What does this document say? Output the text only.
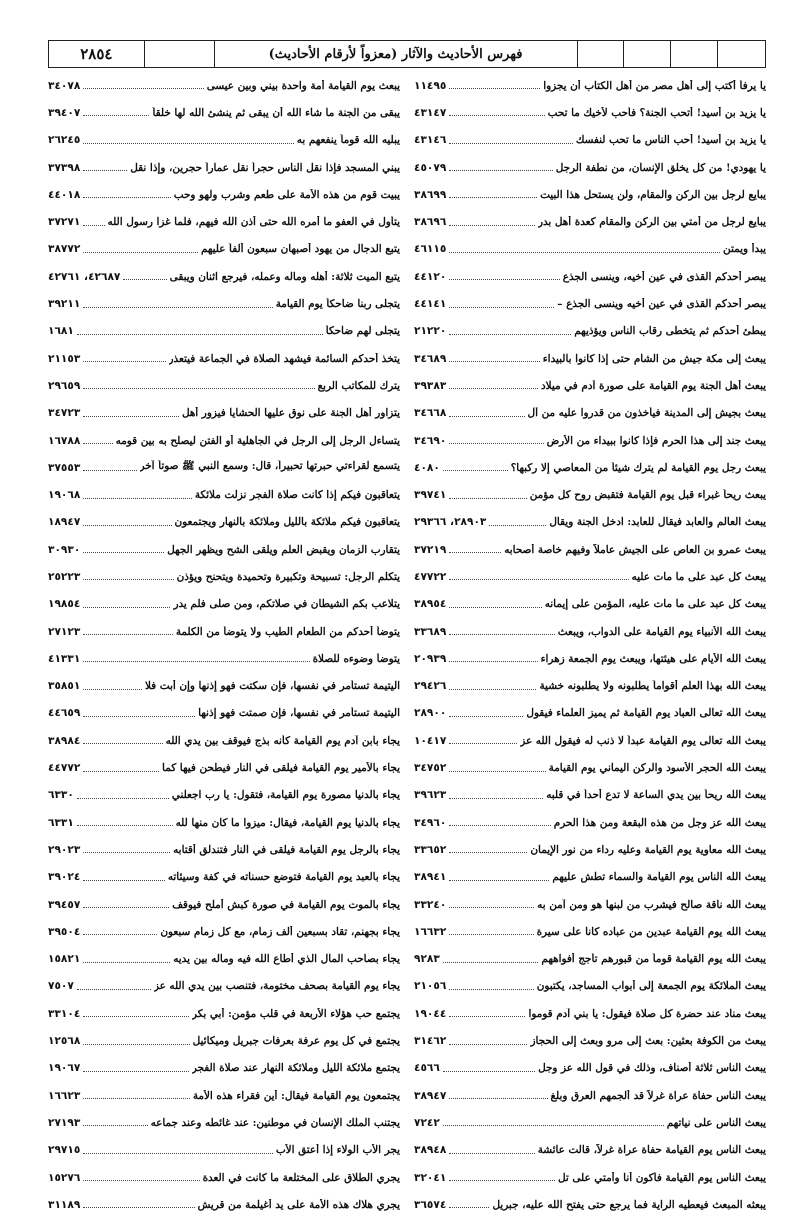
٢٨٥٤	فهرس الأحاديث والآثار (معزواً لأرقام الأحاديث)
يا يرفأ أكتب إلى أهل مصر من أهل الكتاب أن يجزوا
١١٤٩٥
يا يزيد بن أسيد! أتحب الجنة؟ فأحب لأخيك ما تحب
٤٣١٤٧
يا يزيد بن أسيد! أحب الناس ما تحب لنفسك
٤٣١٤٦
يا يهودي! من كل يخلق الإنسان، من نطفة الرجل
٤٥٠٧٩
يبايع لرجل بين الركن والمقام، ولن يستحل هذا البيت
٣٨٦٩٩
يبايع لرجل من أمتي بين الركن والمقام كعدة أهل بدر
٣٨٦٩٦
يبدأ ويمتن
٤٦١١٥
يبصر أحدكم القذى في عين أخيه، وينسى الجذع
٤٤١٢٠
يبصر أحدكم القذى في عين أخيه وينسى الجذع –
٤٤١٤١
يبطئ أحدكم ثم يتخطى رقاب الناس ويؤذيهم
٢١٢٢٠
يبعث إلى مكة جيش من الشام حتى إذا كانوا بالبيداء
٣٤٦٨٩
يبعث أهل الجنة يوم القيامة على صورة آدم في ميلاد
٣٩٣٨٣
يبعث بجيش إلى المدينة فيأخذون من قدروا عليه من آل
٣٤٦٦٨
يبعث جند إلى هذا الحرم فإذا كانوا ببيداء من الأرض
٣٤٦٩٠
يبعث رجل يوم القيامة لم يترك شيئاً من المعاصي إلا ركبها؟
٤٠٨٠
يبعث ريحاً غبراء قبل يوم القيامة فتقبض روح كل مؤمن
٣٩٧٤١
يبعث العالم والعابد فيقال للعابد: ادخل الجنة ويقال
٢٨٩٠٣، ٢٩٣٦٦
يبعث عمرو بن العاص على الجيش عاملاً وفيهم خاصة أصحابه
٣٧٢١٩
يبعث كل عبد على ما مات عليه
٤٧٧٢٢
يبعث كل عبد على ما مات عليه، المؤمن على إيمانه
٣٨٩٥٤
يبعث الله الأنبياء يوم القيامة على الدواب، ويبعث
٣٣٦٨٩
يبعث الله الأيام على هيئتها، ويبعث يوم الجمعة زهراء
٢٠٩٣٩
يبعث الله بهذا العلم أقواماً يطلبونه ولا يطلبونه خشية
٢٩٤٢٦
يبعث الله تعالى العباد يوم القيامة ثم يميز العلماء فيقول
٢٨٩٠٠
يبعث الله تعالى يوم القيامة عبداً لا ذنب له فيقول الله عز
١٠٤١٧
يبعث الله الحجر الأسود والركن اليماني يوم القيامة
٣٤٧٥٢
يبعث الله ريحاً بين يدي الساعة لا تدع أحداً في قلبه
٣٩٦٢٣
يبعث الله عز وجل من هذه البقعة ومن هذا الحرم
٣٤٩٦٠
يبعث الله معاوية يوم القيامة وعليه رداء من نور الإيمان
٣٣٦٥٢
يبعث الله الناس يوم القيامة والسماء تطش عليهم
٣٨٩٤١
يبعث الله ناقة صالح فيشرب من لبنها هو ومن آمن به
٣٣٢٤٠
يبعث الله يوم القيامة عبدين من عباده كانا على سيرة
١٦٦٣٢
يبعث الله يوم القيامة قوماً من قبورهم تأجج أفواههم
٩٢٨٣
يبعث الملائكة يوم الجمعة إلى أبواب المساجد، يكتبون
٢١٠٥٦
يبعث مناد عند حضرة كل صلاة فيقول: يا بني آدم قوموا
١٩٠٤٤
يبعث من الكوفة بعثين: بعث إلى مرو وبعث إلى الحجاز
٣١٤٦٢
يبعث الناس ثلاثة أصناف، وذلك في قول الله عز وجل
٤٥٦٦
يبعث الناس حفاة عراة غرلاً قد ألجمهم العرق وبلغ
٣٨٩٤٧
يبعث الناس على نياتهم
٧٢٤٢
يبعث الناس يوم القيامة حفاة عراة غرلاً، قالت عائشة
٣٨٩٤٨
يبعث الناس يوم القيامة فأكون أنا وأمتي على تل
٣٢٠٤١
يبعثه المبعث فيعطيه الراية فما يرجع حتى يفتح الله عليه، جبريل
٣٦٥٧٤
يبعث يوم القيامة أمة واحدة بيني وبين عيسى
٣٤٠٧٨
يبقى من الجنة ما شاء الله أن يبقى ثم ينشئ الله لها خلقاً
٣٩٤٠٧
يبليه الله قوماً ينفعهم به
٢٦٢٤٥
يبني المسجد فإذا نقل الناس حجراً نقل عماراً حجرين، وإذا نقل
٣٧٣٩٨
يبيت قوم من هذه الأمة على طعم وشرب ولهو وحب
٤٤٠١٨
يتأول في العفو ما أمره الله حتى أذن الله فيهم، فلما غزا رسول الله
٣٧٢٧١
يتبع الدجال من يهود أصبهان سبعون ألفاً عليهم
٣٨٧٧٢
يتبع الميت ثلاثة: أهله وماله وعمله، فيرجع اثنان ويبقى
٤٢٦٨٧، ٤٢٧٦١
يتجلى ربنا ضاحكاً يوم القيامة
٣٩٢١١
يتجلى لهم ضاحكاً
١٦٨١
يتخذ أحدكم السائمة فيشهد الصلاة في الجماعة فيتعذر
٢١١٥٣
يترك للمكاتب الربع
٢٩٦٥٩
يتزاور أهل الجنة على نوق عليها الحشايا فيزور أهل
٣٤٧٢٣
يتساءل الرجل إلى الرجل في الجاهلية أو الفتن ليصلح به بين قومه
١٦٧٨٨
يتسمع لقراءتي حبرتها تحبيراً، قال: وسمع النبي ﷺ صوتاً آخر
٣٧٥٥٣
يتعاقبون فيكم إذا كانت صلاة الفجر نزلت ملائكة
١٩٠٦٨
يتعاقبون فيكم ملائكة بالليل وملائكة بالنهار ويجتمعون
١٨٩٤٧
يتقارب الزمان ويقبض العلم ويلقى الشح ويظهر الجهل
٣٠٩٣٠
يتكلم الرجل: تسبيحة وتكبيرة وتحميدة ويتحنح ويؤذن
٢٥٢٢٣
يتلاعب بكم الشيطان في صلاتكم، ومن صلى فلم يدر
١٩٨٥٤
يتوضأ أحدكم من الطعام الطيب ولا يتوضأ من الكلمة
٢٧١٢٣
يتوضأ وضوءه للصلاة
٤١٣٣١
اليتيمة تستأمر في نفسها، فإن سكتت فهو إذنها وإن أبت فلا
٣٥٨٥١
اليتيمة تستأمر في نفسها، فإن صمتت فهو إذنها
٤٤٦٥٩
يجاء بابن آدم يوم القيامة كأنه بذج فيوقف بين يدي الله
٣٨٩٨٤
يجاء بالأمير يوم القيامة فيلقى في النار فيطحن فيها كما
٤٤٧٧٢
يجاء بالدنيا مصورة يوم القيامة، فتقول: يا رب اجعلني
٦٣٣٠
يجاء بالدنيا يوم القيامة، فيقال: ميزوا ما كان منها لله
٦٣٣١
يجاء بالرجل يوم القيامة فيلقى في النار فتندلق أقتابه
٢٩٠٢٣
يجاء بالعبد يوم القيامة فتوضع حسناته في كفة وسيئاته
٣٩٠٢٤
يجاء بالموت يوم القيامة في صورة كبش أملح فيوقف
٣٩٤٥٧
يجاء بجهنم، تقاد بسبعين ألف زمام، مع كل زمام سبعون
٣٩٥٠٤
يجاء بصاحب المال الذي أطاع الله فيه وماله بين يديه
١٥٨٢١
يجاء يوم القيامة بصحف مختومة، فتنصب بين يدي الله عز
٧٥٠٧
يجتمع حب هؤلاء الأربعة في قلب مؤمن: أبي بكر
٣٣١٠٤
يجتمع في كل يوم عرفة بعرفات جبريل وميكائيل
١٢٥٦٨
يجتمع ملائكة الليل وملائكة النهار عند صلاة الفجر
١٩٠٦٧
يجتمعون يوم القيامة فيقال: أين فقراء هذه الأمة
١٦٦٢٣
يجتنب الملك الإنسان في موطنين: عند غائطه وعند جماعه
٢٧١٩٣
يجر الأب الولاء إذا أعتق الأب
٢٩٧١٥
يجري الطلاق على المختلعة ما كانت في العدة
١٥٢٧٦
يجري هلاك هذه الأمة على يد أغيلمة من قريش
٣١١٨٩
